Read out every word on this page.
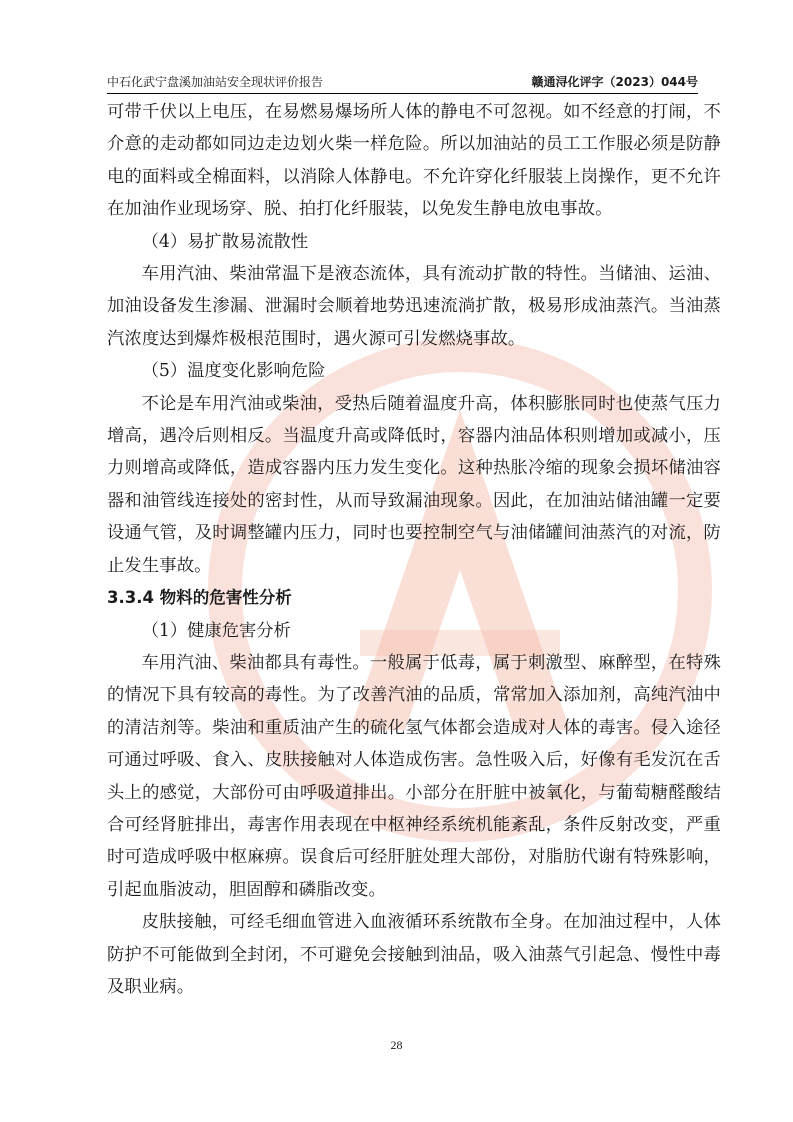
中石化武宁盘溪加油站安全现状评价报告	赣通浔化评字（2023）044号

可带千伏以上电压，在易燃易爆场所人体的静电不可忽视。如不经意的打闹，不介意的走动都如同边走边划火柴一样危险。所以加油站的员工工作服必须是防静电的面料或全棉面料，以消除人体静电。不允许穿化纤服装上岗操作，更不允许在加油作业现场穿、脱、拍打化纤服装，以免发生静电放电事故。

（4）易扩散易流散性

车用汽油、柴油常温下是液态流体，具有流动扩散的特性。当储油、运油、加油设备发生渗漏、泄漏时会顺着地势迅速流淌扩散，极易形成油蒸汽。当油蒸汽浓度达到爆炸极根范围时，遇火源可引发燃烧事故。

（5）温度变化影响危险

不论是车用汽油或柴油，受热后随着温度升高，体积膨胀同时也使蒸气压力增高，遇冷后则相反。当温度升高或降低时，容器内油品体积则增加或减小，压力则增高或降低，造成容器内压力发生变化。这种热胀冷缩的现象会损坏储油容器和油管线连接处的密封性，从而导致漏油现象。因此，在加油站储油罐一定要设通气管，及时调整罐内压力，同时也要控制空气与油储罐间油蒸汽的对流，防止发生事故。

3.3.4 物料的危害性分析

（1）健康危害分析

车用汽油、柴油都具有毒性。一般属于低毒，属于刺激型、麻醉型，在特殊的情况下具有较高的毒性。为了改善汽油的品质，常常加入添加剂，高纯汽油中的清洁剂等。柴油和重质油产生的硫化氢气体都会造成对人体的毒害。侵入途径可通过呼吸、食入、皮肤接触对人体造成伤害。急性吸入后，好像有毛发沉在舌头上的感觉，大部份可由呼吸道排出。小部分在肝脏中被氧化，与葡萄糖醛酸结合可经肾脏排出，毒害作用表现在中枢神经系统机能紊乱，条件反射改变，严重时可造成呼吸中枢麻痹。误食后可经肝脏处理大部份，对脂肪代谢有特殊影响，引起血脂波动，胆固醇和磷脂改变。

皮肤接触，可经毛细血管进入血液循环系统散布全身。在加油过程中，人体防护不可能做到全封闭，不可避免会接触到油品，吸入油蒸气引起急、慢性中毒及职业病。

28
